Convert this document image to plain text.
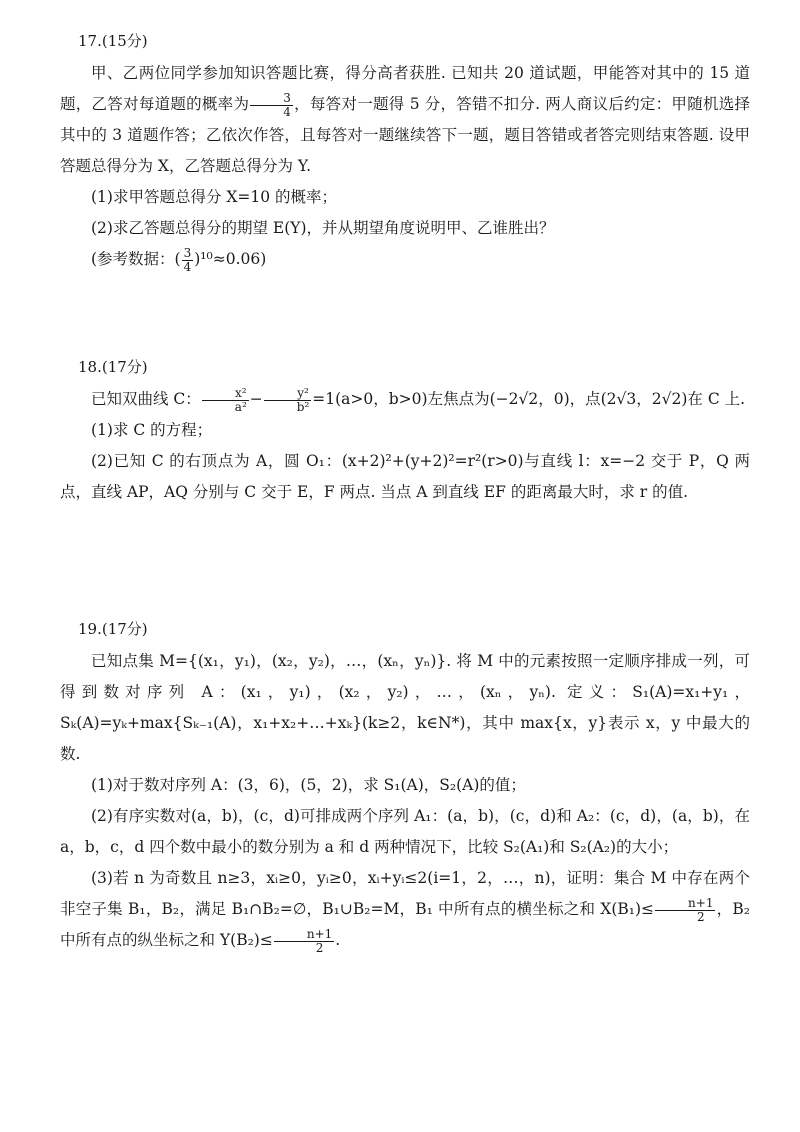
17.(15分)

甲、乙两位同学参加知识答题比赛，得分高者获胜. 已知共 20 道试题，甲能答对其中的 15 道题，乙答对每道题的概率为 $\frac{3}{4}$ ，每答对一题得 5 分，答错不扣分. 两人商议后约定：甲随机选择其中的 3 道题作答；乙依次作答，且每答对一题继续答下一题，题目答错或者答完则结束答题. 设甲答题总得分为 X，乙答题总得分为 Y.

(1)求甲答题总得分 X=10 的概率；

(2)求乙答题总得分的期望 E(Y)，并从期望角度说明甲、乙谁胜出？

(参考数据：( $\frac{3}{4} )^{10}\approx 0.06$)

18.(17分)

已知双曲线 C： $\frac{\text{x²}}{\text{a²}} - \frac{\text{y²}}{\text{b²}} =1(a>0$，b>0)左焦点为(−2√2，0)，点(2√3，2√2)在 C 上.

(1)求 C 的方程；

(2)已知 C 的右顶点为 A，圆 O₁：(x+2)²+(y+2)²=r²(r>0)与直线 l：x=−2 交于 P，Q 两点，直线 AP，AQ 分别与 C 交于 E，F 两点. 当点 A 到直线 EF 的距离最大时，求 r 的值.

19.(17分)

已知点集 M={(x₁，y₁)，(x₂，y₂)，…，(xₙ，yₙ)}. 将 M 中的元素按照一定顺序排成一列，可得到数对序列 A：(x₁，y₁)，(x₂，y₂)，…，(xₙ，yₙ). 定义：S₁(A)=x₁+y₁，Sₖ(A)=yₖ+max{Sₖ₋₁(A)，x₁+x₂+…+xₖ}(k≥2，k∈N*)，其中 max{x，y}表示 x，y 中最大的数.

(1)对于数对序列 A：(3，6)，(5，2)，求 S₁(A)，S₂(A)的值；

(2)有序实数对(a，b)，(c，d)可排成两个序列 A₁：(a，b)，(c，d)和 A₂：(c，d)，(a，b)，在 a，b，c，d 四个数中最小的数分别为 a 和 d 两种情况下，比较 S₂(A₁)和 S₂(A₂)的大小；

(3)若 n 为奇数且 n≥3，xᵢ≥0，yᵢ≥0，xᵢ+yᵢ≤2(i=1，2，…，n)，证明：集合 M 中存在两个非空子集 B₁，B₂，满足 B₁∩B₂=∅，B₁∪B₂=M，B₁ 中所有点的横坐标之和 $X(B_1)\le \frac{n+1}{2}$ ，B₂ 中所有点的纵坐标之和 $Y(B_2)\le \frac{n+1}{2}$ .
